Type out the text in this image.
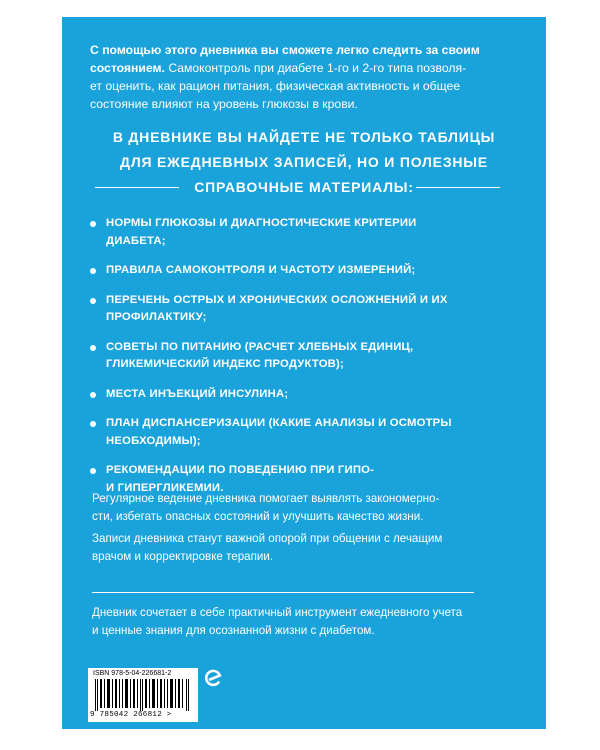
С помощью этого дневника вы сможете легко следить за своим
состоянием. Самоконтроль при диабете 1-го и 2-го типа позволя-
ет оценить, как рацион питания, физическая активность и общее
состояние влияют на уровень глюкозы в крови.
В ДНЕВНИКЕ ВЫ НАЙДЕТЕ НЕ ТОЛЬКО ТАБЛИЦЫ
ДЛЯ ЕЖЕДНЕВНЫХ ЗАПИСЕЙ, НО И ПОЛЕЗНЫЕ
СПРАВОЧНЫЕ МАТЕРИАЛЫ:
НОРМЫ ГЛЮКОЗЫ И ДИАГНОСТИЧЕСКИЕ КРИТЕРИИ
ДИАБЕТА;
ПРАВИЛА САМОКОНТРОЛЯ И ЧАСТОТУ ИЗМЕРЕНИЙ;
ПЕРЕЧЕНЬ ОСТРЫХ И ХРОНИЧЕСКИХ ОСЛОЖНЕНИЙ И ИХ
ПРОФИЛАКТИКУ;
СОВЕТЫ ПО ПИТАНИЮ (РАСЧЕТ ХЛЕБНЫХ ЕДИНИЦ,
ГЛИКЕМИЧЕСКИЙ ИНДЕКС ПРОДУКТОВ);
МЕСТА ИНЪЕКЦИЙ ИНСУЛИНА;
ПЛАН ДИСПАНСЕРИЗАЦИИ (КАКИЕ АНАЛИЗЫ И ОСМОТРЫ
НЕОБХОДИМЫ);
РЕКОМЕНДАЦИИ ПО ПОВЕДЕНИЮ ПРИ ГИПО-
И ГИПЕРГЛИКЕМИИ.
Регулярное ведение дневника помогает выявлять закономерно-
сти, избегать опасных состояний и улучшить качество жизни.
Записи дневника станут важной опорой при общении с лечащим
врачом и корректировке терапии.
Дневник сочетает в себе практичный инструмент ежедневного учета
и ценные знания для осознанной жизни с диабетом.
ISBN 978-5-04-226681-2
9 785042 266812 >
